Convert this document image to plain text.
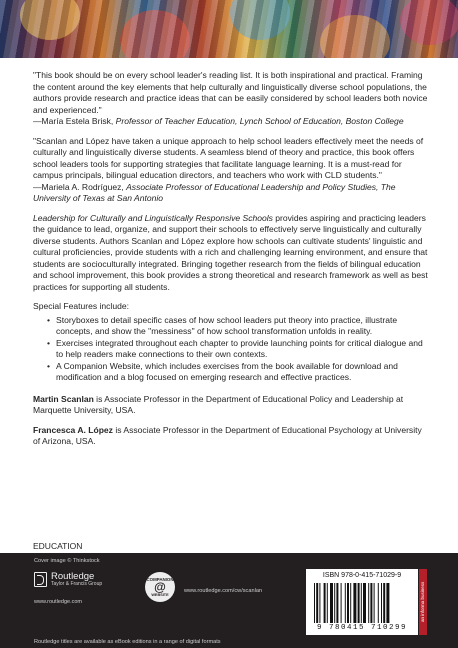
"This book should be on every school leader's reading list. It is both inspirational and practical. Framing the content around the key elements that help culturally and linguistically diverse school populations, the authors provide research and practice ideas that can be easily considered by school leaders both novice and experienced."
—María Estela Brisk, Professor of Teacher Education, Lynch School of Education, Boston College

"Scanlan and López have taken a unique approach to help school leaders effectively meet the needs of culturally and linguistically diverse students. A seamless blend of theory and practice, this book offers school leaders tools for supporting strategies that facilitate language learning. It is a must-read for campus principals, bilingual education directors, and teachers who work with CLD students."
—Mariela A. Rodríguez, Associate Professor of Educational Leadership and Policy Studies, The University of Texas at San Antonio

Leadership for Culturally and Linguistically Responsive Schools provides aspiring and practicing leaders the guidance to lead, organize, and support their schools to effectively serve linguistically and culturally diverse students. Authors Scanlan and López explore how schools can cultivate students' linguistic and cultural proficiencies, provide students with a rich and challenging learning environment, and ensure that students are socioculturally integrated. Bringing together research from the fields of bilingual education and school improvement, this book provides a strong theoretical and research framework as well as best practices for supporting all students.

Special Features include:
• Storyboxes to detail specific cases of how school leaders put theory into practice, illustrate concepts, and show the "messiness" of how school transformation unfolds in reality.
• Exercises integrated throughout each chapter to provide launching points for critical dialogue and to help readers make connections to their own contexts.
• A Companion Website, which includes exercises from the book available for download and modification and a blog focused on emerging research and effective practices.

Martin Scanlan is Associate Professor in the Department of Educational Policy and Leadership at Marquette University, USA.

Francesca A. López is Associate Professor in the Department of Educational Psychology at University of Arizona, USA.

EDUCATION
Cover image © Thinkstock
Routledge
Taylor & Francis Group
www.routledge.com
COMPANION
@
WEBSITE
www.routledge.com/cw/scanlan
ISBN 978-0-415-71029-9
9 780415 710299
an informa business
Routledge titles are available as eBook editions in a range of digital formats
